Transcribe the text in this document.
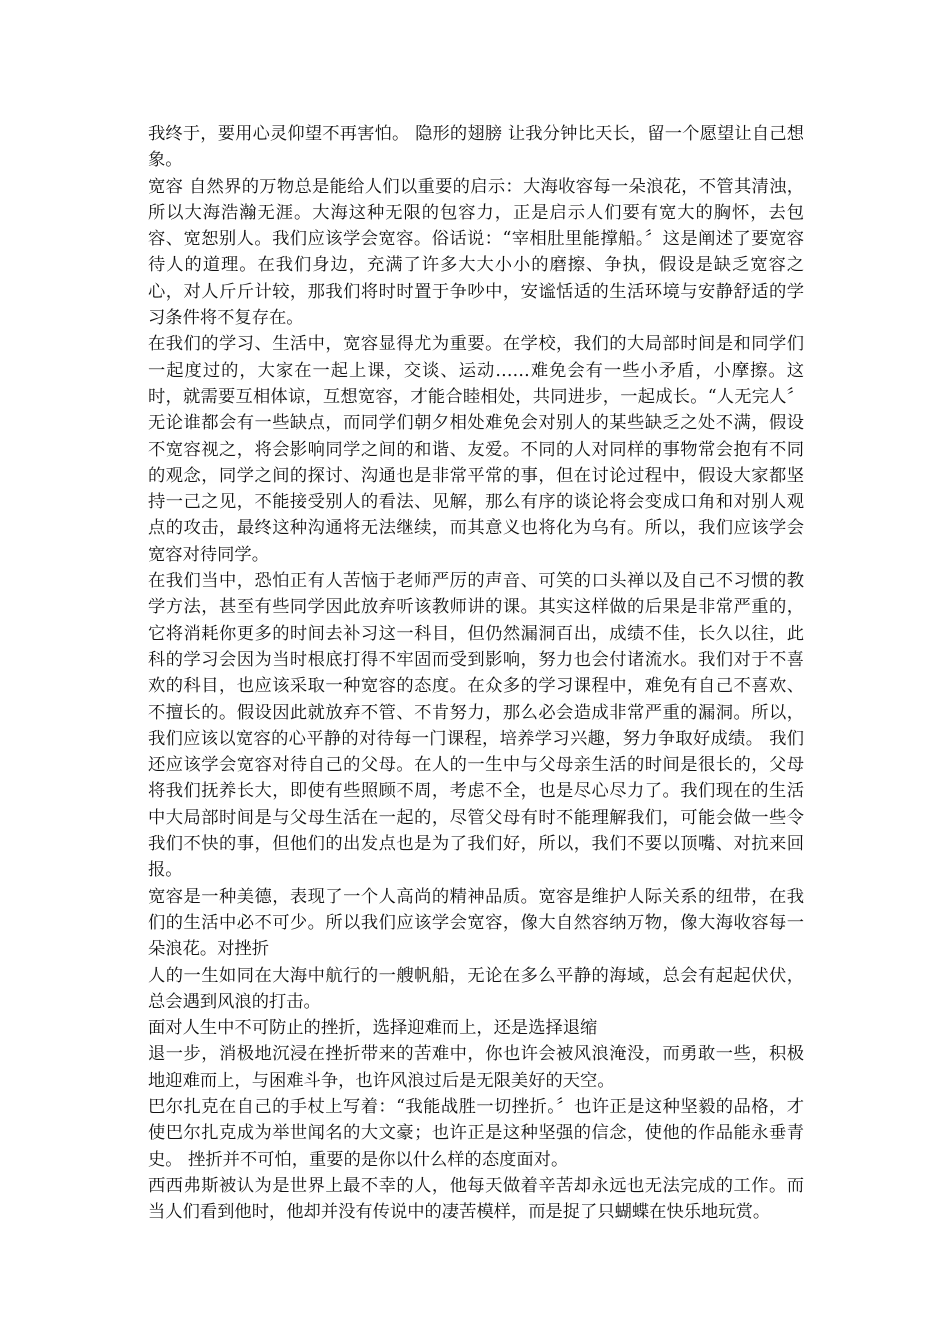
我终于，要用心灵仰望不再害怕。 隐形的翅膀 让我分钟比天长，留一个愿望让自己想象。

宽容 自然界的万物总是能给人们以重要的启示：大海收容每一朵浪花，不管其清浊，所以大海浩瀚无涯。大海这种无限的包容力，正是启示人们要有宽大的胸怀，去包容、宽恕别人。我们应该学会宽容。俗话说：“宰相肚里能撑船。〞这是阐述了要宽容待人的道理。在我们身边，充满了许多大大小小的磨擦、争执，假设是缺乏宽容之心，对人斤斤计较，那我们将时时置于争吵中，安谧恬适的生活环境与安静舒适的学习条件将不复存在。

在我们的学习、生活中，宽容显得尤为重要。在学校，我们的大局部时间是和同学们一起度过的，大家在一起上课，交谈、运动……难免会有一些小矛盾，小摩擦。这时，就需要互相体谅，互想宽容，才能合睦相处，共同进步，一起成长。“人无完人〞无论谁都会有一些缺点，而同学们朝夕相处难免会对别人的某些缺乏之处不满，假设不宽容视之，将会影响同学之间的和谐、友爱。不同的人对同样的事物常会抱有不同的观念，同学之间的探讨、沟通也是非常平常的事，但在讨论过程中，假设大家都坚持一己之见，不能接受别人的看法、见解，那么有序的谈论将会变成口角和对别人观点的攻击，最终这种沟通将无法继续，而其意义也将化为乌有。所以，我们应该学会宽容对待同学。

在我们当中，恐怕正有人苦恼于老师严厉的声音、可笑的口头禅以及自己不习惯的教学方法，甚至有些同学因此放弃听该教师讲的课。其实这样做的后果是非常严重的，它将消耗你更多的时间去补习这一科目，但仍然漏洞百出，成绩不佳，长久以往，此科的学习会因为当时根底打得不牢固而受到影响，努力也会付诸流水。我们对于不喜欢的科目，也应该采取一种宽容的态度。在众多的学习课程中，难免有自己不喜欢、不擅长的。假设因此就放弃不管、不肯努力，那么必会造成非常严重的漏洞。所以，我们应该以宽容的心平静的对待每一门课程，培养学习兴趣，努力争取好成绩。 我们还应该学会宽容对待自己的父母。在人的一生中与父母亲生活的时间是很长的，父母将我们抚养长大，即使有些照顾不周，考虑不全，也是尽心尽力了。我们现在的生活中大局部时间是与父母生活在一起的，尽管父母有时不能理解我们，可能会做一些令我们不快的事，但他们的出发点也是为了我们好，所以，我们不要以顶嘴、对抗来回报。

宽容是一种美德，表现了一个人高尚的精神品质。宽容是维护人际关系的纽带，在我们的生活中必不可少。所以我们应该学会宽容，像大自然容纳万物，像大海收容每一朵浪花。对挫折

人的一生如同在大海中航行的一艘帆船，无论在多么平静的海域，总会有起起伏伏，总会遇到风浪的打击。

面对人生中不可防止的挫折，选择迎难而上，还是选择退缩

退一步，消极地沉浸在挫折带来的苦难中，你也许会被风浪淹没，而勇敢一些，积极地迎难而上，与困难斗争，也许风浪过后是无限美好的天空。

巴尔扎克在自己的手杖上写着：“我能战胜一切挫折。〞也许正是这种坚毅的品格，才使巴尔扎克成为举世闻名的大文豪；也许正是这种坚强的信念，使他的作品能永垂青史。 挫折并不可怕，重要的是你以什么样的态度面对。

西西弗斯被认为是世界上最不幸的人，他每天做着辛苦却永远也无法完成的工作。而当人们看到他时，他却并没有传说中的凄苦模样，而是捉了只蝴蝶在快乐地玩赏。
